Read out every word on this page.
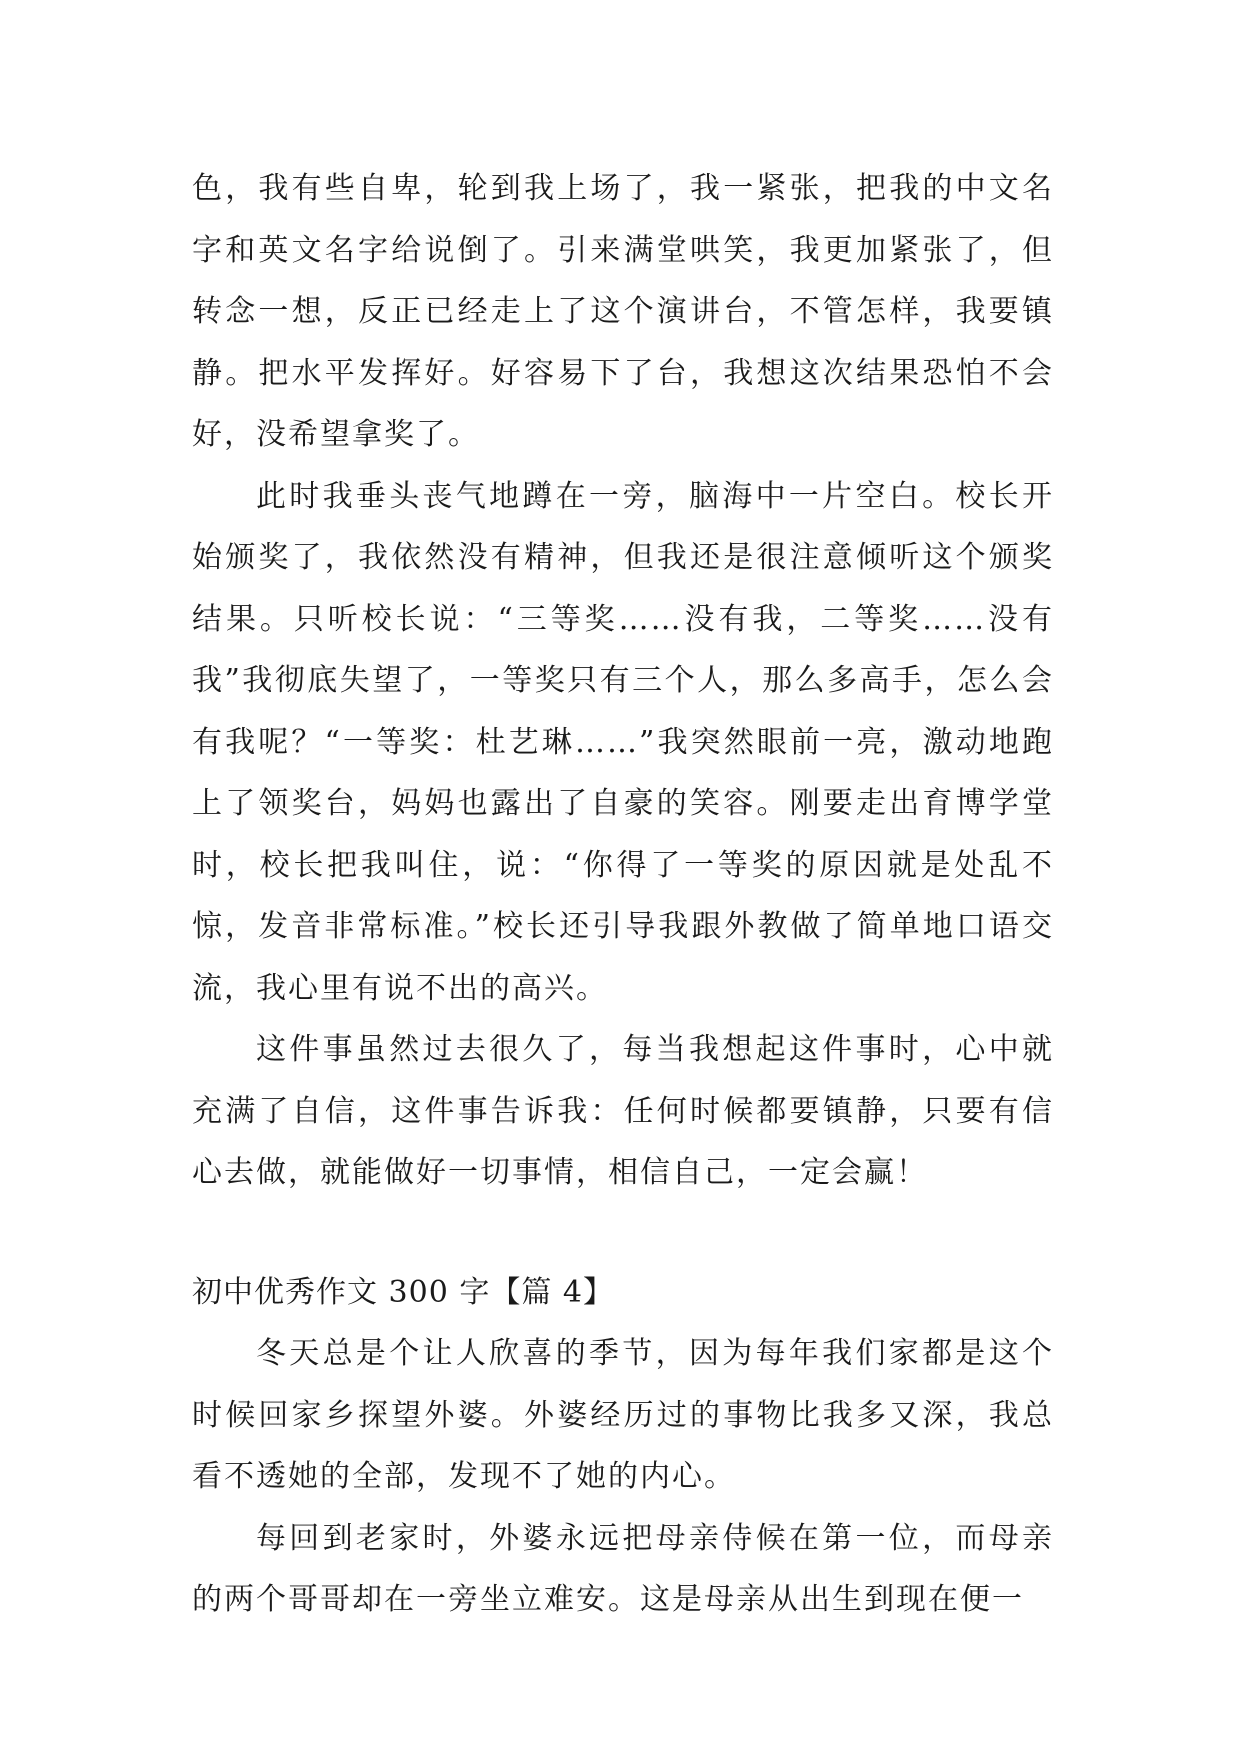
色，我有些自卑，轮到我上场了，我一紧张，把我的中文名字和英文名字给说倒了。引来满堂哄笑，我更加紧张了，但转念一想，反正已经走上了这个演讲台，不管怎样，我要镇静。把水平发挥好。好容易下了台，我想这次结果恐怕不会好，没希望拿奖了。

此时我垂头丧气地蹲在一旁，脑海中一片空白。校长开始颁奖了，我依然没有精神，但我还是很注意倾听这个颁奖结果。只听校长说：“三等奖……没有我，二等奖……没有我”我彻底失望了，一等奖只有三个人，那么多高手，怎么会有我呢？“一等奖：杜艺琳……”我突然眼前一亮，激动地跑上了领奖台，妈妈也露出了自豪的笑容。刚要走出育博学堂时，校长把我叫住，说：“你得了一等奖的原因就是处乱不惊，发音非常标准。”校长还引导我跟外教做了简单地口语交流，我心里有说不出的高兴。

这件事虽然过去很久了，每当我想起这件事时，心中就充满了自信，这件事告诉我：任何时候都要镇静，只要有信心去做，就能做好一切事情，相信自己，一定会赢！

初中优秀作文 300 字【篇 4】

冬天总是个让人欣喜的季节，因为每年我们家都是这个时候回家乡探望外婆。外婆经历过的事物比我多又深，我总看不透她的全部，发现不了她的内心。

每回到老家时，外婆永远把母亲侍候在第一位，而母亲的两个哥哥却在一旁坐立难安。这是母亲从出生到现在便一
